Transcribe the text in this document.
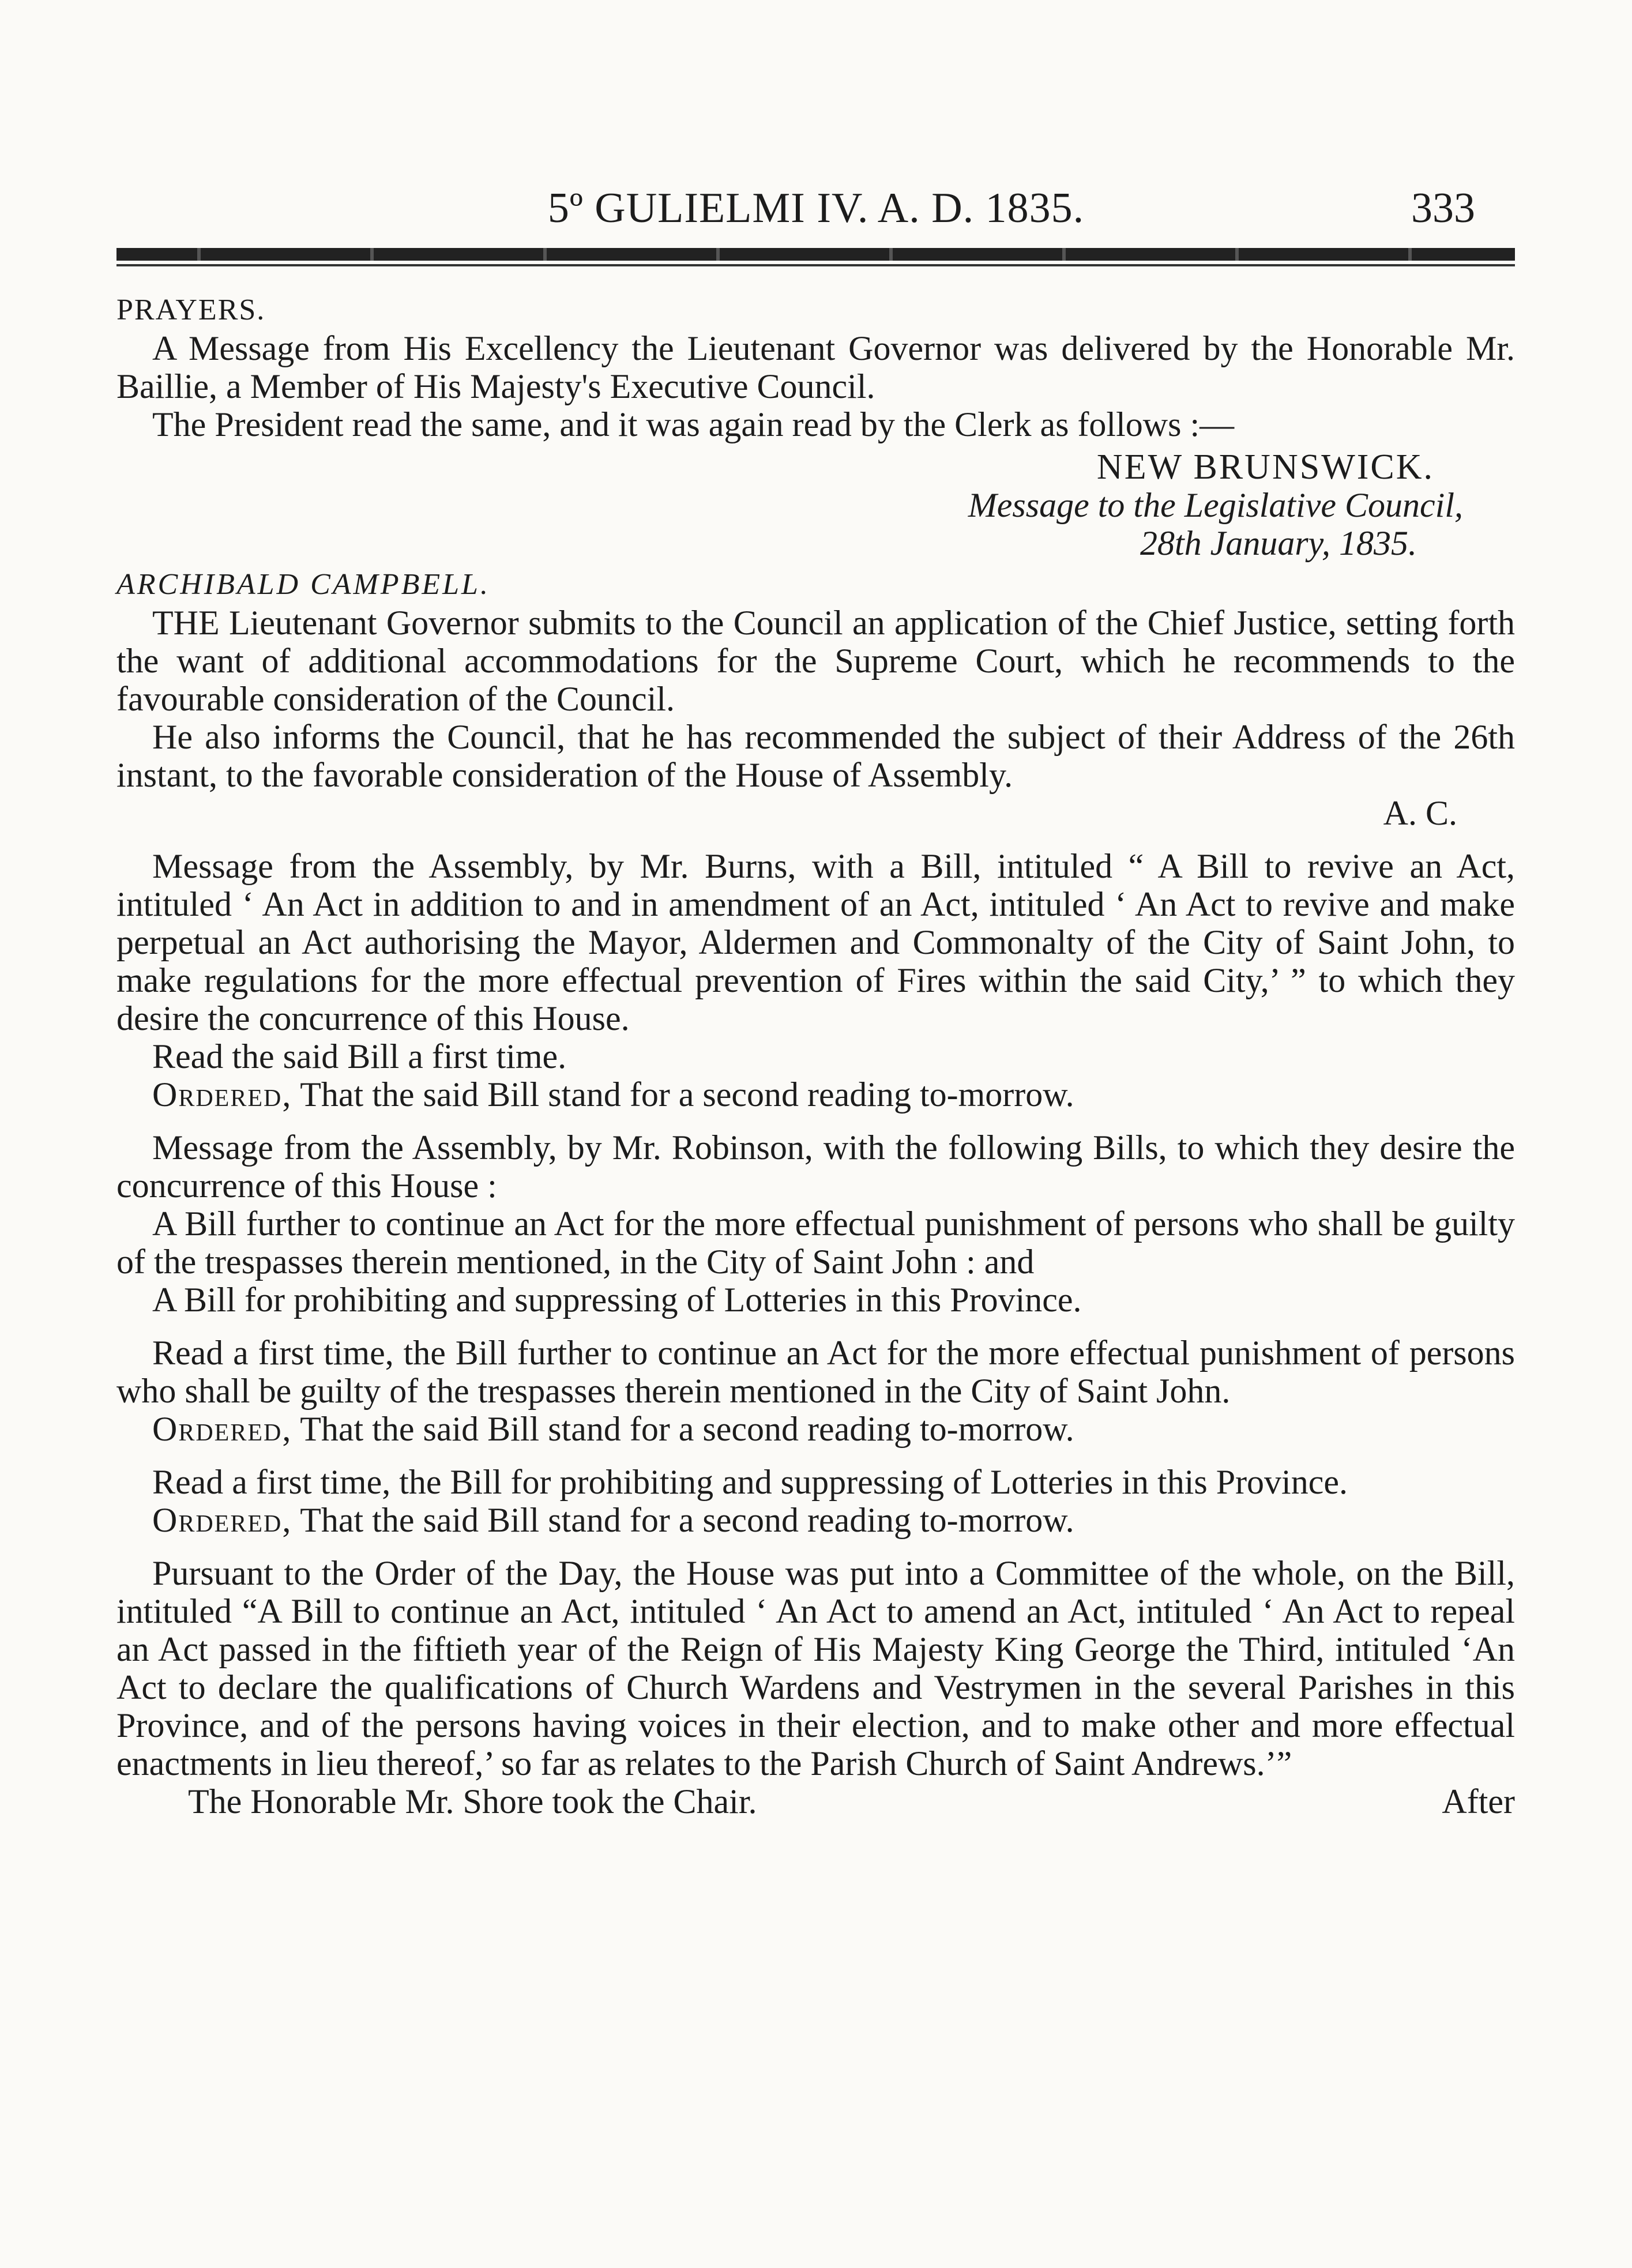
5º GULIELMI IV. A. D. 1835.	333

PRAYERS.

A Message from His Excellency the Lieutenant Governor was delivered by the Honorable Mr. Baillie, a Member of His Majesty's Executive Council.

The President read the same, and it was again read by the Clerk as follows :—

NEW BRUNSWICK.

Message to the Legislative Council,

28th January, 1835.

ARCHIBALD CAMPBELL.

THE Lieutenant Governor submits to the Council an application of the Chief Justice, setting forth the want of additional accommodations for the Supreme Court, which he recommends to the favourable consideration of the Council.

He also informs the Council, that he has recommended the subject of their Address of the 26th instant, to the favorable consideration of the House of Assembly.

A. C.

Message from the Assembly, by Mr. Burns, with a Bill, intituled “ A Bill to revive an Act, intituled ‘ An Act in addition to and in amendment of an Act, intituled ‘ An Act to revive and make perpetual an Act authorising the Mayor, Aldermen and Commonalty of the City of Saint John, to make regulations for the more effectual prevention of Fires within the said City,’ ” to which they desire the concurrence of this House.

Read the said Bill a first time.

Ordered, That the said Bill stand for a second reading to-morrow.

Message from the Assembly, by Mr. Robinson, with the following Bills, to which they desire the concurrence of this House :

A Bill further to continue an Act for the more effectual punishment of persons who shall be guilty of the trespasses therein mentioned, in the City of Saint John : and

A Bill for prohibiting and suppressing of Lotteries in this Province.

Read a first time, the Bill further to continue an Act for the more effectual punishment of persons who shall be guilty of the trespasses therein mentioned in the City of Saint John.

Ordered, That the said Bill stand for a second reading to-morrow.

Read a first time, the Bill for prohibiting and suppressing of Lotteries in this Province.

Ordered, That the said Bill stand for a second reading to-morrow.

Pursuant to the Order of the Day, the House was put into a Committee of the whole, on the Bill, intituled “A Bill to continue an Act, intituled ‘ An Act to amend an Act, intituled ‘ An Act to repeal an Act passed in the fiftieth year of the Reign of His Majesty King George the Third, intituled ‘An Act to declare the qualifications of Church Wardens and Vestrymen in the several Parishes in this Province, and of the persons having voices in their election, and to make other and more effectual enactments in lieu thereof,’ so far as relates to the Parish Church of Saint Andrews.’”

The Honorable Mr. Shore took the Chair.	After
